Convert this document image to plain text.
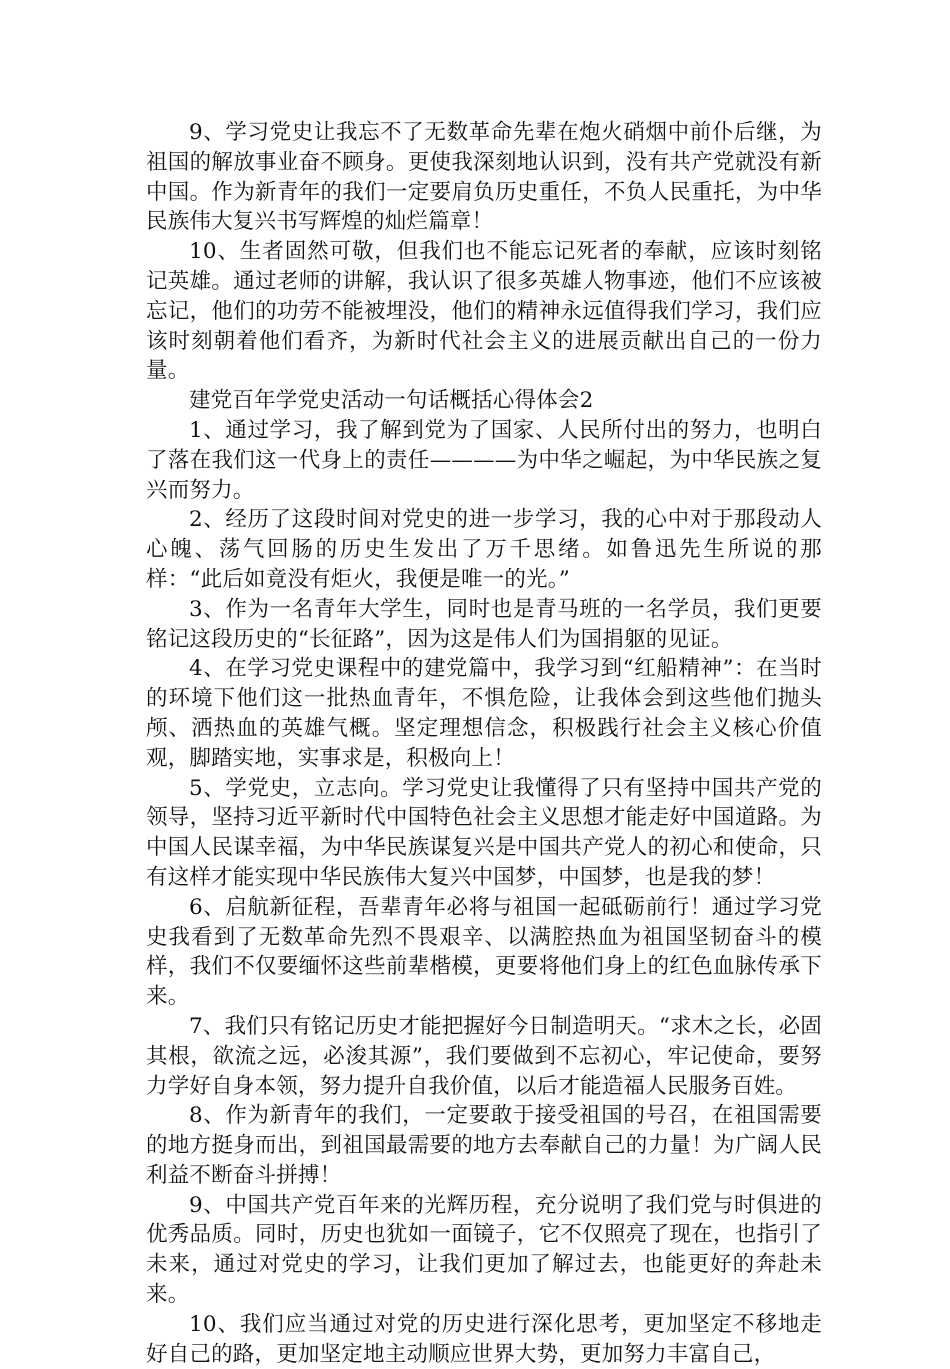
9、学习党史让我忘不了无数革命先辈在炮火硝烟中前仆后继，为祖国的解放事业奋不顾身。更使我深刻地认识到，没有共产党就没有新中国。作为新青年的我们一定要肩负历史重任，不负人民重托，为中华民族伟大复兴书写辉煌的灿烂篇章！

10、生者固然可敬，但我们也不能忘记死者的奉献，应该时刻铭记英雄。通过老师的讲解，我认识了很多英雄人物事迹，他们不应该被忘记，他们的功劳不能被埋没，他们的精神永远值得我们学习，我们应该时刻朝着他们看齐，为新时代社会主义的进展贡献出自己的一份力量。

建党百年学党史活动一句话概括心得体会2

1、通过学习，我了解到党为了国家、人民所付出的努力，也明白了落在我们这一代身上的责任————为中华之崛起，为中华民族之复兴而努力。

2、经历了这段时间对党史的进一步学习，我的心中对于那段动人心魄、荡气回肠的历史生发出了万千思绪。如鲁迅先生所说的那样：“此后如竟没有炬火，我便是唯一的光。”

3、作为一名青年大学生，同时也是青马班的一名学员，我们更要铭记这段历史的“长征路”，因为这是伟人们为国捐躯的见证。

4、在学习党史课程中的建党篇中，我学习到“红船精神”：在当时的环境下他们这一批热血青年，不惧危险，让我体会到这些他们抛头颅、洒热血的英雄气概。坚定理想信念，积极践行社会主义核心价值观，脚踏实地，实事求是，积极向上！

5、学党史，立志向。学习党史让我懂得了只有坚持中国共产党的领导，坚持习近平新时代中国特色社会主义思想才能走好中国道路。为中国人民谋幸福，为中华民族谋复兴是中国共产党人的初心和使命，只有这样才能实现中华民族伟大复兴中国梦，中国梦，也是我的梦！

6、启航新征程，吾辈青年必将与祖国一起砥砺前行！通过学习党史我看到了无数革命先烈不畏艰辛、以满腔热血为祖国坚韧奋斗的模样，我们不仅要缅怀这些前辈楷模，更要将他们身上的红色血脉传承下来。

7、我们只有铭记历史才能把握好今日制造明天。“求木之长，必固其根，欲流之远，必浚其源”，我们要做到不忘初心，牢记使命，要努力学好自身本领，努力提升自我价值，以后才能造福人民服务百姓。

8、作为新青年的我们，一定要敢于接受祖国的号召，在祖国需要的地方挺身而出，到祖国最需要的地方去奉献自己的力量！为广阔人民利益不断奋斗拼搏！

9、中国共产党百年来的光辉历程，充分说明了我们党与时俱进的优秀品质。同时，历史也犹如一面镜子，它不仅照亮了现在，也指引了未来，通过对党史的学习，让我们更加了解过去，也能更好的奔赴未来。

10、我们应当通过对党的历史进行深化思考，更加坚定不移地走好自己的路，更加坚定地主动顺应世界大势，更加努力丰富自己，
